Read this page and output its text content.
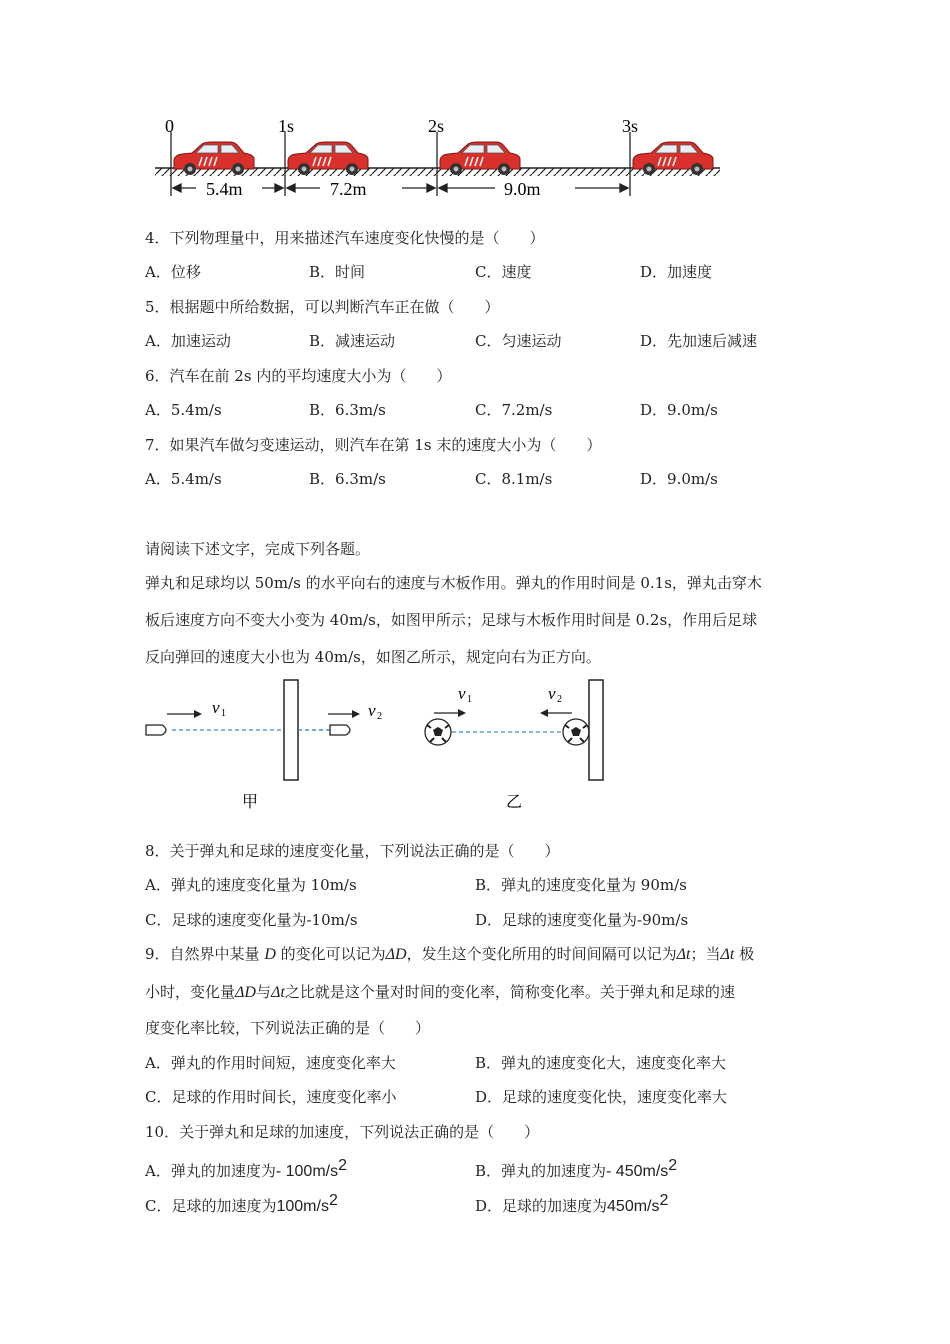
0	1s	2s	3s
5.4m	7.2m	9.0m
4．下列物理量中，用来描述汽车速度变化快慢的是（　　）
A．位移	B．时间	C．速度	D．加速度
5．根据题中所给数据，可以判断汽车正在做（　　）
A．加速运动	B．减速运动	C．匀速运动	D．先加速后减速
6．汽车在前 2s 内的平均速度大小为（　　）
A．5.4m/s	B．6.3m/s	C．7.2m/s	D．9.0m/s
7．如果汽车做匀变速运动，则汽车在第 1s 末的速度大小为（　　）
A．5.4m/s	B．6.3m/s	C．8.1m/s	D．9.0m/s
请阅读下述文字，完成下列各题。
弹丸和足球均以 50m/s 的水平向右的速度与木板作用。弹丸的作用时间是 0.1s，弹丸击穿木
板后速度方向不变大小变为 40m/s，如图甲所示；足球与木板作用时间是 0.2s，作用后足球
反向弹回的速度大小也为 40m/s，如图乙所示，规定向右为正方向。
v 1	v 2
甲
v 1	v 2
乙
8．关于弹丸和足球的速度变化量，下列说法正确的是（　　）
A．弹丸的速度变化量为 10m/s	B．弹丸的速度变化量为 90m/s
C．足球的速度变化量为-10m/s	D．足球的速度变化量为-90m/s
9．自然界中某量 D 的变化可以记为ΔD，发生这个变化所用的时间间隔可以记为Δt；当Δt 极
小时，变化量ΔD与Δt之比就是这个量对时间的变化率，简称变化率。关于弹丸和足球的速
度变化率比较，下列说法正确的是（　　）
A．弹丸的作用时间短，速度变化率大	B．弹丸的速度变化大，速度变化率大
C．足球的作用时间长，速度变化率小	D．足球的速度变化快，速度变化率大
10．关于弹丸和足球的加速度，下列说法正确的是（　　）
A．弹丸的加速度为- $100m/s^2$	B．弹丸的加速度为- $450m/s^2$
C．足球的加速度为$100m/s^2$	D．足球的加速度为$450m/s^2$
